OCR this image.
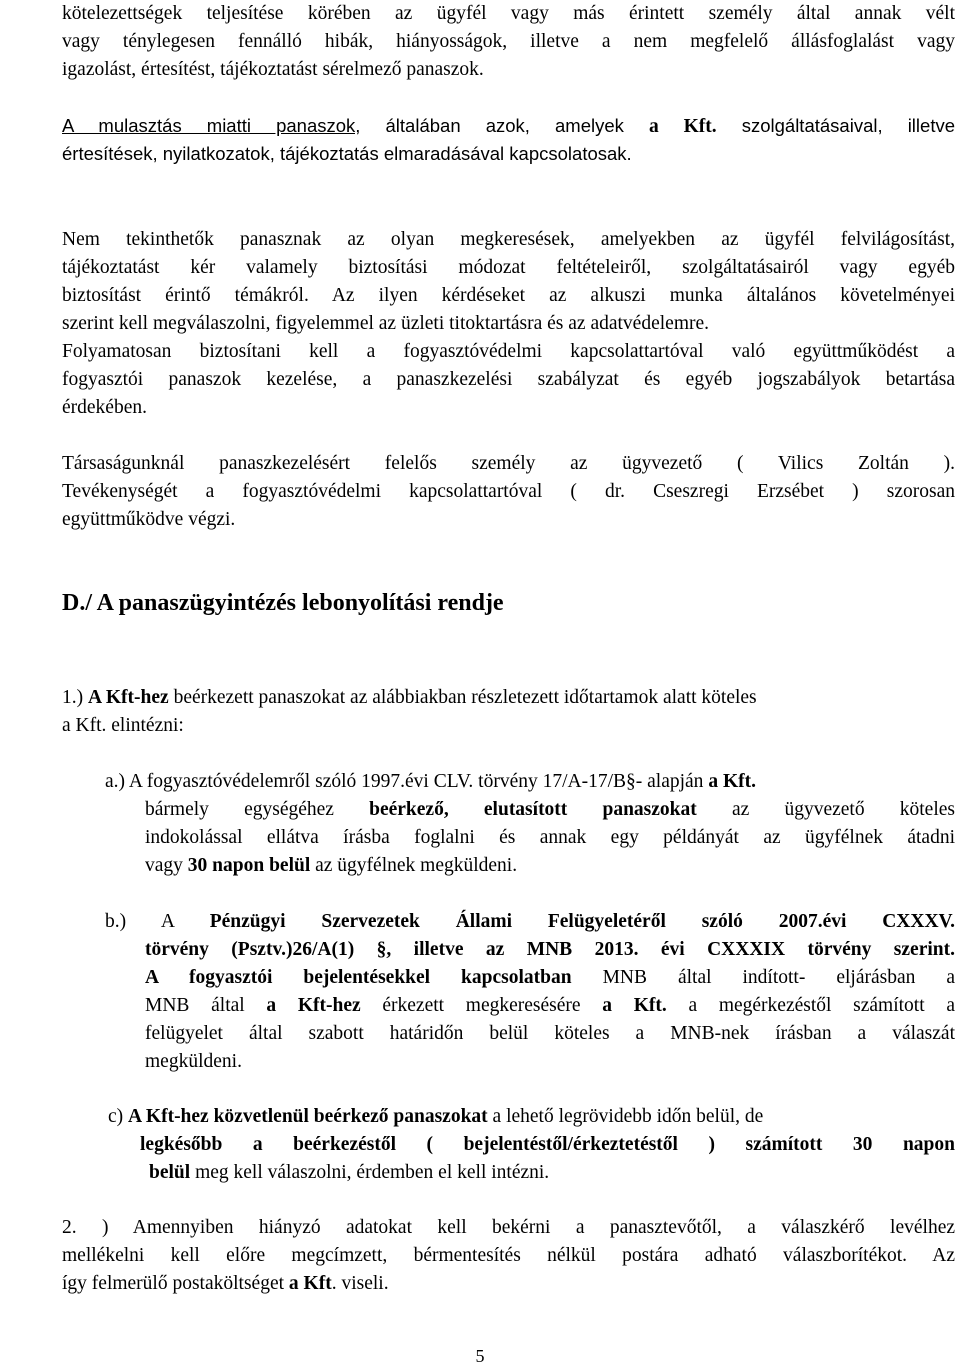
kötelezettségek teljesítése körében az ügyfél vagy más érintett személy által annak vélt
vagy ténylegesen fennálló hibák, hiányosságok, illetve a nem megfelelő állásfoglalást vagy
igazolást, értesítést, tájékoztatást sérelmező panaszok.
A mulasztás miatti panaszok, általában azok, amelyek a Kft. szolgáltatásaival, illetve
értesítések, nyilatkozatok, tájékoztatás elmaradásával kapcsolatosak.
Nem tekinthetők panasznak az olyan megkeresések, amelyekben az ügyfél felvilágosítást,
tájékoztatást kér valamely biztosítási módozat feltételeiről, szolgáltatásairól vagy egyéb
biztosítást érintő témákról. Az ilyen kérdéseket az alkuszi munka általános követelményei
szerint kell megválaszolni, figyelemmel az üzleti titoktartásra és az adatvédelemre.
Folyamatosan biztosítani kell a fogyasztóvédelmi kapcsolattartóval való együttműködést a
fogyasztói panaszok kezelése, a panaszkezelési szabályzat és egyéb jogszabályok betartása
érdekében.
Társaságunknál panaszkezelésért felelős személy az ügyvezető ( Vilics Zoltán ).
Tevékenységét a fogyasztóvédelmi kapcsolattartóval ( dr. Cseszregi Erzsébet ) szorosan
együttműködve végzi.
D./ A panaszügyintézés lebonyolítási rendje
1.) A Kft-hez beérkezett panaszokat az alábbiakban részletezett időtartamok alatt köteles
a Kft. elintézni:
a.) A fogyasztóvédelemről szóló 1997.évi CLV. törvény 17/A-17/B§- alapján a Kft.
bármely egységéhez beérkező, elutasított panaszokat az ügyvezető köteles
indokolással ellátva írásba foglalni és annak egy példányát az ügyfélnek átadni
vagy 30 napon belül az ügyfélnek megküldeni.
b.) A Pénzügyi Szervezetek Állami Felügyeletéről szóló 2007.évi CXXXV.
törvény (Psztv.)26/A(1) §, illetve az MNB 2013. évi CXXXIX törvény szerint.
A fogyasztói bejelentésekkel kapcsolatban MNB által indított- eljárásban a
MNB által a Kft-hez érkezett megkeresésére a Kft. a megérkezéstől számított a
felügyelet által szabott határidőn belül köteles a MNB-nek írásban a válaszát
megküldeni.
c) A Kft-hez közvetlenül beérkező panaszokat a lehető legrövidebb időn belül, de
legkésőbb a beérkezéstől ( bejelentéstől/érkeztetéstől ) számított 30 napon
belül meg kell válaszolni, érdemben el kell intézni.
2. ) Amennyiben hiányzó adatokat kell bekérni a panasztevőtől, a válaszkérő levélhez
mellékelni kell előre megcímzett, bérmentesítés nélkül postára adható válaszborítékot. Az
így felmerülő postaköltséget a Kft. viseli.
5
